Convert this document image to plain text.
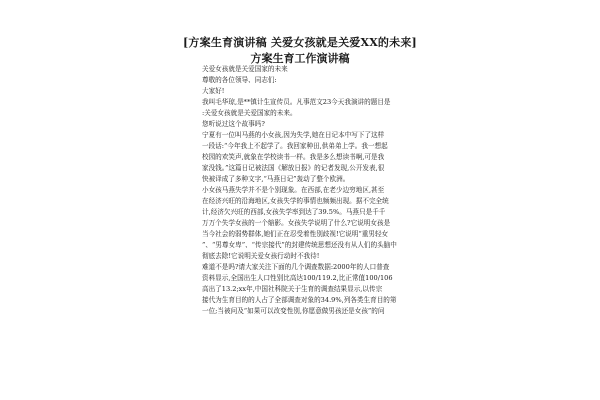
[方案生育演讲稿 关爱女孩就是关爱XX的未来]
方案生育工作演讲稿
关爱女孩就是关爱国家的未来
尊敬的各位领导、同志们:
大家好!
我叫毛华琼,是**镇计生宣传员。凡事范文23今天我演讲的题目是
:关爱女孩就是关爱国家的未来。
您听说过这个故事吗?
宁夏有一位叫马燕的小女孩,因为失学,她在日记本中写下了这样
一段话:“今年我上不起学了。我回家种田,供弟弟上学。我一想起
校园的欢笑声,就象在学校读书一样。我是多么想读书啊,可是我
家没钱。”这篇日记被法国《解放日报》的记者发现,公开发表,很
快被译成了多种文字,“马燕日记”轰动了整个欧洲。
小女孩马燕失学并不是个别现象。在西部,在老少边穷地区,甚至
在经济兴旺的沿海地区,女孩失学的事情也频频出现。据不完全统
计,经济欠兴旺的西部,女孩失学率到达了39.5%。马燕只是千千
万万个失学女孩的一个缩影。女孩失学说明了什么?它说明女孩是
当今社会的弱势群体,她们正在忍受着性别歧视!它说明“重男轻女
”、“男尊女卑”、“传宗接代”的封建传统思想还没有从人们的头脑中
彻底去除!它说明关爱女孩行动时不我待!
难道不是吗?请大家关注下面的几个调查数据:2000年的人口普查
资料显示,全国出生人口性别比高达100/119.2,比正常值100/106
高出了13.2;xx年,中国社科院关于生育的调查结果显示,以传宗
接代为生育目的的人占了全部调查对象的34.9%,列各类生育目的第
一位;当被问及“如果可以改变性别,你愿意做男孩还是女孩”的问
